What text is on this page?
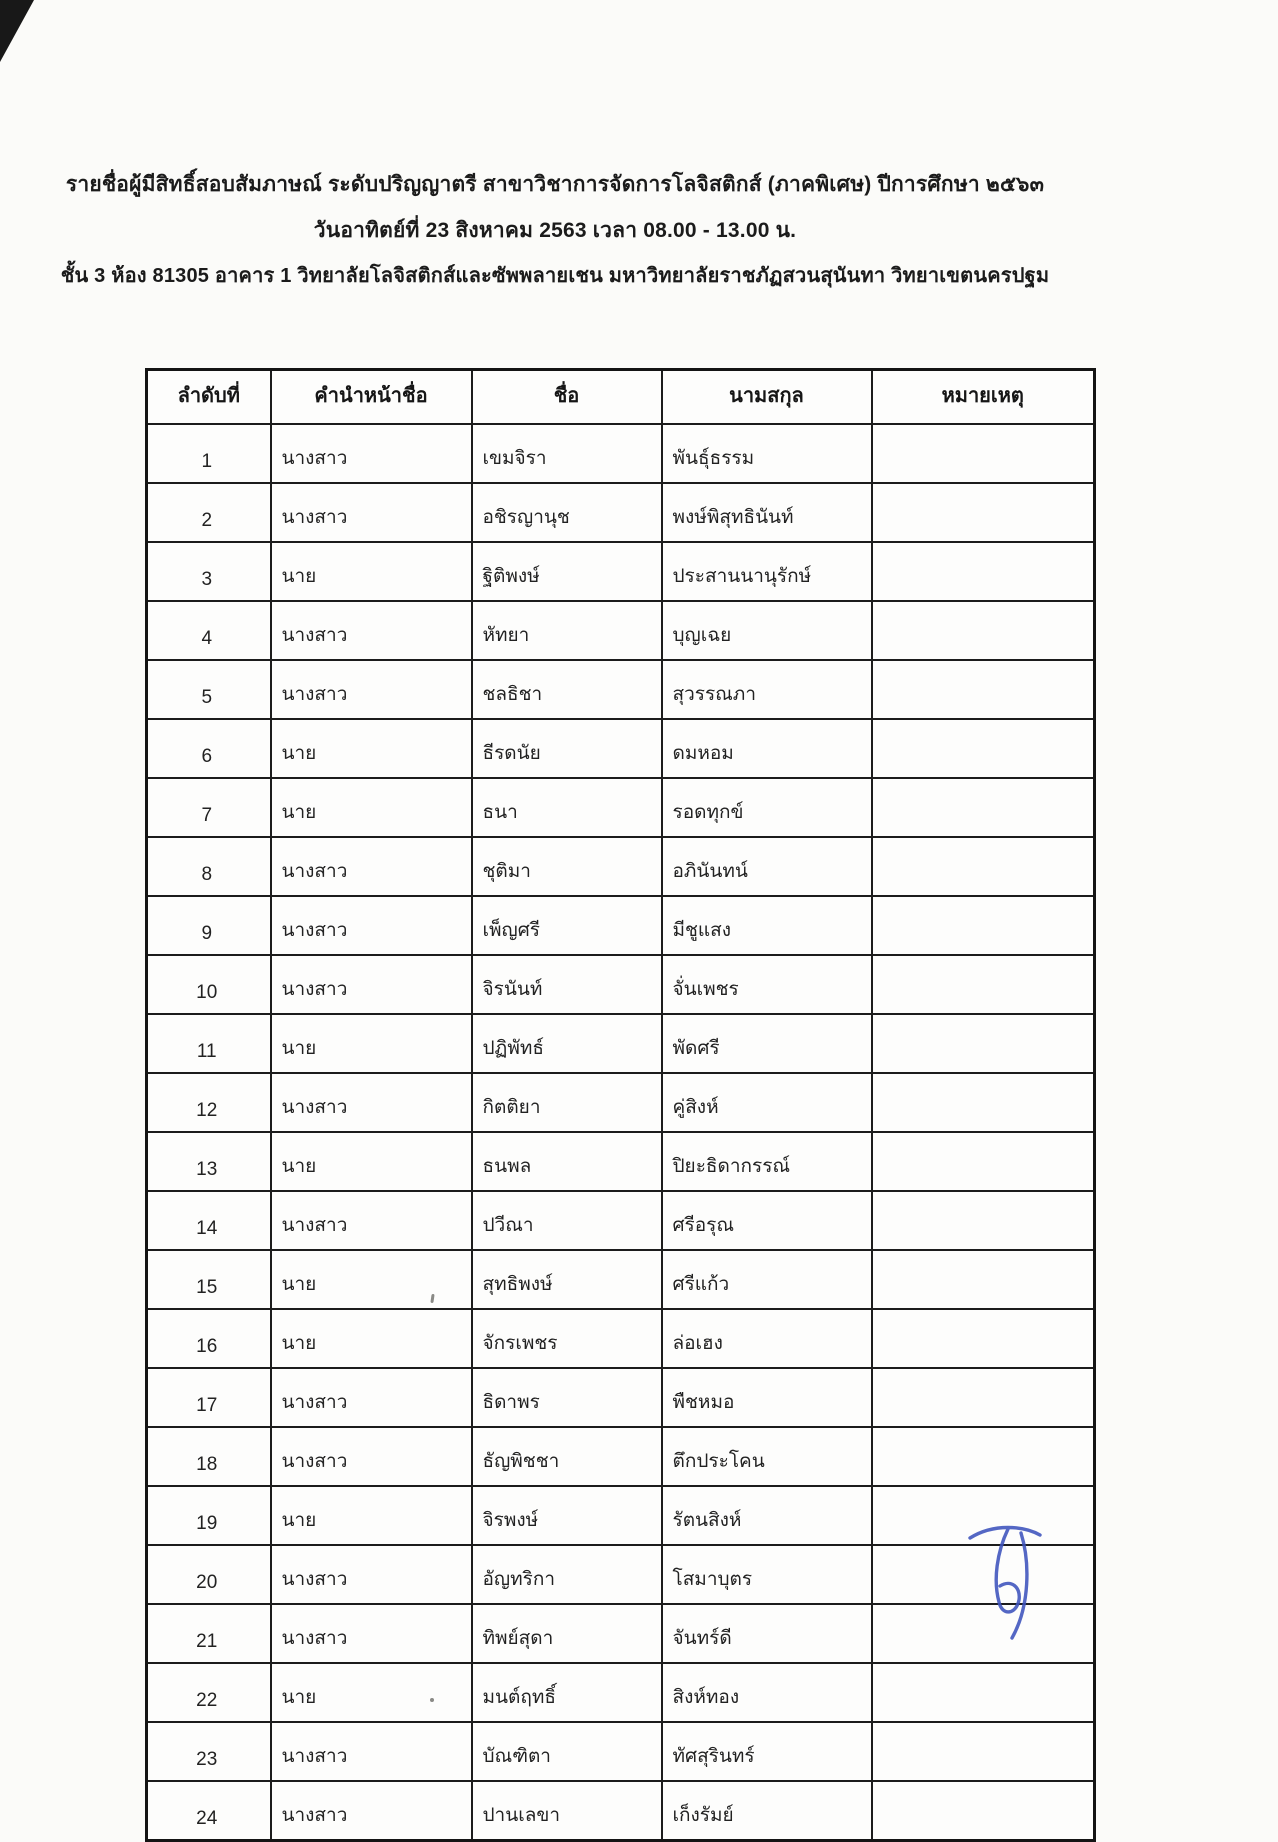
รายชื่อผู้มีสิทธิ์สอบสัมภาษณ์ ระดับปริญญาตรี สาขาวิชาการจัดการโลจิสติกส์ (ภาคพิเศษ) ปีการศึกษา ๒๕๖๓
วันอาทิตย์ที่ 23 สิงหาคม 2563 เวลา 08.00 - 13.00 น.
ชั้น 3 ห้อง 81305 อาคาร 1 วิทยาลัยโลจิสติกส์และซัพพลายเชน มหาวิทยาลัยราชภัฏสวนสุนันทา วิทยาเขตนครปฐม
ลำดับที่	คำนำหน้าชื่อ	ชื่อ	นามสกุล	หมายเหตุ
1	นางสาว	เขมจิรา	พันธุ์ธรรม	
2	นางสาว	อชิรญานุช	พงษ์พิสุทธินันท์	
3	นาย	ฐิติพงษ์	ประสานนานุรักษ์	
4	นางสาว	หัทยา	บุญเฉย	
5	นางสาว	ชลธิชา	สุวรรณภา	
6	นาย	ธีรดนัย	ดมหอม	
7	นาย	ธนา	รอดทุกข์	
8	นางสาว	ชุติมา	อภินันทน์	
9	นางสาว	เพ็ญศรี	มีชูแสง	
10	นางสาว	จิรนันท์	จั่นเพชร	
11	นาย	ปฏิพัทธ์	พัดศรี	
12	นางสาว	กิตติยา	คู่สิงห์	
13	นาย	ธนพล	ปิยะธิดากรรณ์	
14	นางสาว	ปวีณา	ศรีอรุณ	
15	นาย	สุทธิพงษ์	ศรีแก้ว	
16	นาย	จักรเพชร	ล่อเฮง	
17	นางสาว	ธิดาพร	พืชหมอ	
18	นางสาว	ธัญพิชชา	ตึกประโคน	
19	นาย	จิรพงษ์	รัตนสิงห์	
20	นางสาว	อัญทริกา	โสมาบุตร	
21	นางสาว	ทิพย์สุดา	จันทร์ดี	
22	นาย	มนต์ฤทธิ์	สิงห์ทอง	
23	นางสาว	บัณฑิตา	ทัศสุรินทร์	
24	นางสาว	ปานเลขา	เก็งรัมย์	
